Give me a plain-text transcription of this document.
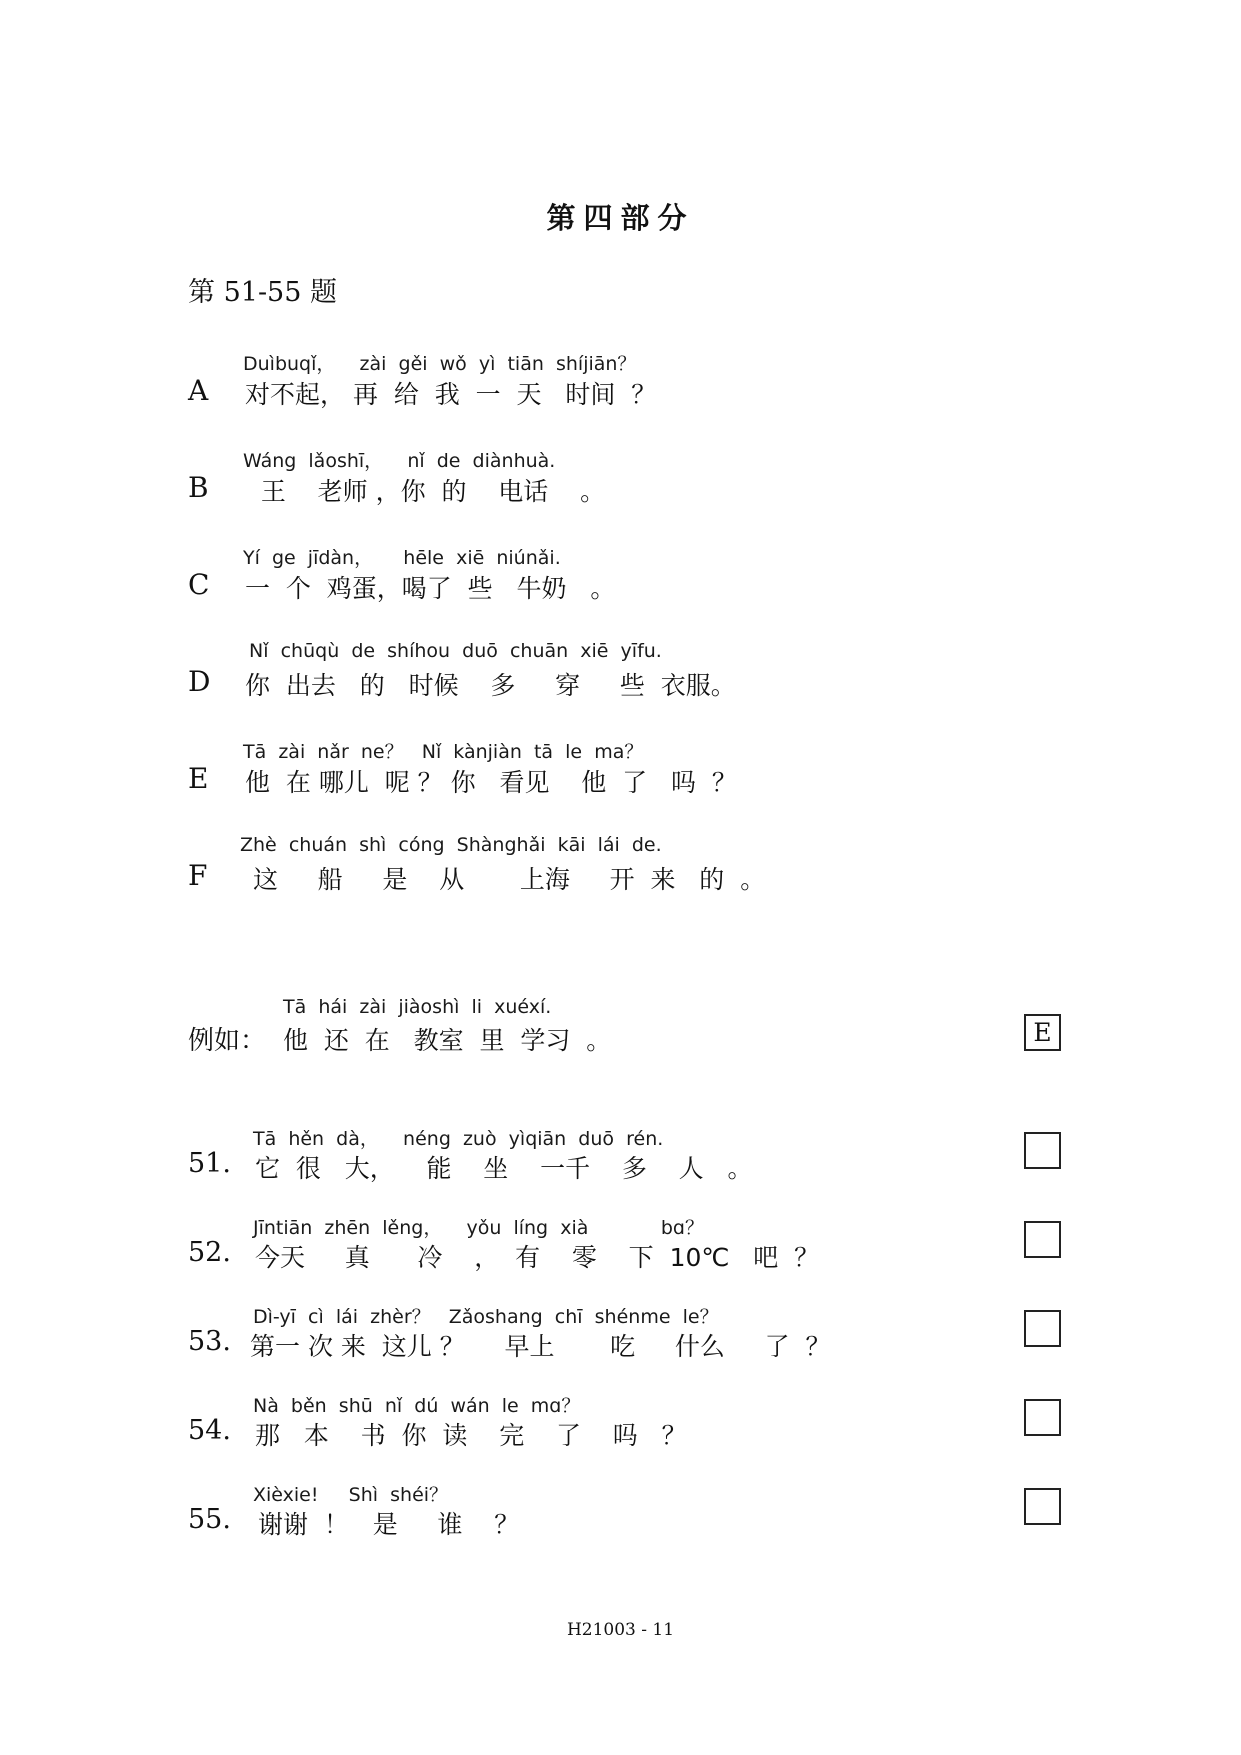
第四部分
第 51-55 题
Duìbuqǐ，    zài  gěi  wǒ  yì  tiān  shíjiān？
A 对不起， 再  给  我  一  天   时间  ？
Wáng  lǎoshī，    nǐ  de  diànhuà.
B 王    老师 ，你  的    电话    。
Yí  ge  jīdàn，     hēle  xiē  niúnǎi.
C 一  个  鸡蛋，喝了  些   牛奶   。
Nǐ  chūqù  de  shíhou  duō  chuān  xiē  yīfu.
D 你  出去   的   时候    多     穿     些  衣服。
Tā  zài  nǎr  ne？   Nǐ  kànjiàn  tā  le  ma？
E 他  在 哪儿  呢 ？ 你   看见    他  了   吗  ？
Zhè  chuán  shì  cóng  Shànghǎi  kāi  lái  de.
F 这     船     是    从       上海     开  来   的  。
Tā  hái  zài  jiàoshì  li  xuéxí.
例如： 他  还  在   教室  里  学习  。	E
Tā  hěn  dà，    néng  zuò  yìqiān  duō  rén.
51. 它  很   大，    能    坐    一千    多    人   。
Jīntiān  zhēn  lěng，    yǒu  líng  xià            bɑ？
52. 今天     真      冷    ，  有    零    下  10℃   吧  ？
Dì-yī  cì  lái  zhèr？   Zǎoshang  chī  shénme  le？
53. 第一 次 来  这儿 ？     早上       吃     什么     了  ？
Nà  běn  shū  nǐ  dú  wán  le  mɑ？
54. 那   本    书  你  读    完    了    吗   ？
Xièxie!     Shì  shéi？
55. 谢谢  ！   是     谁    ？
H21003 - 11
